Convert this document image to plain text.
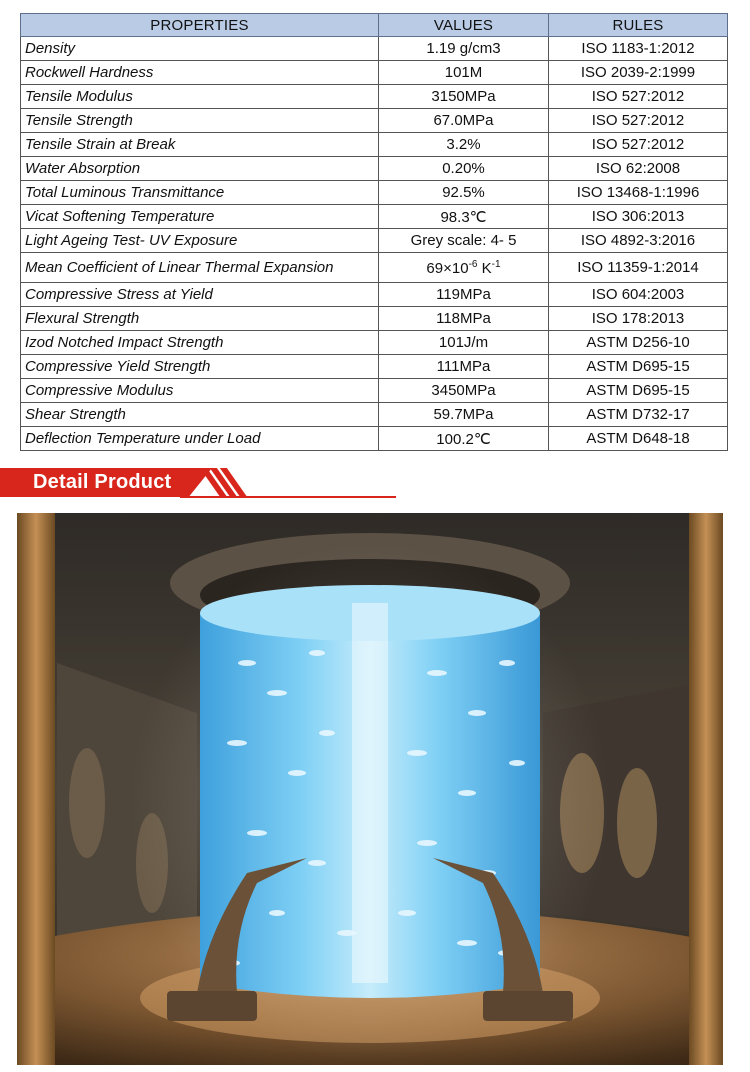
PROPERTIES	VALUES	RULES
Density	1.19 g/cm3	ISO 1183-1:2012
Rockwell Hardness	101M	ISO 2039-2:1999
Tensile Modulus	3150MPa	ISO 527:2012
Tensile Strength	67.0MPa	ISO 527:2012
Tensile Strain at Break	3.2%	ISO 527:2012
Water Absorption	0.20%	ISO 62:2008
Total Luminous Transmittance	92.5%	ISO 13468-1:1996
Vicat Softening Temperature	98.3℃	ISO 306:2013
Light Ageing Test- UV Exposure	Grey scale: 4- 5	ISO 4892-3:2016
Mean Coefficient of Linear Thermal Expansion	$69\times 10^{-6}$ $K^{-1}$	ISO 11359-1:2014
Compressive Stress at Yield	119MPa	ISO 604:2003
Flexural Strength	118MPa	ISO 178:2013
Izod Notched Impact Strength	101J/m	ASTM D256-10
Compressive Yield Strength	111MPa	ASTM D695-15
Compressive Modulus	3450MPa	ASTM D695-15
Shear Strength	59.7MPa	ASTM D732-17
Deflection Temperature under Load	100.2℃	ASTM D648-18
Detail Product
